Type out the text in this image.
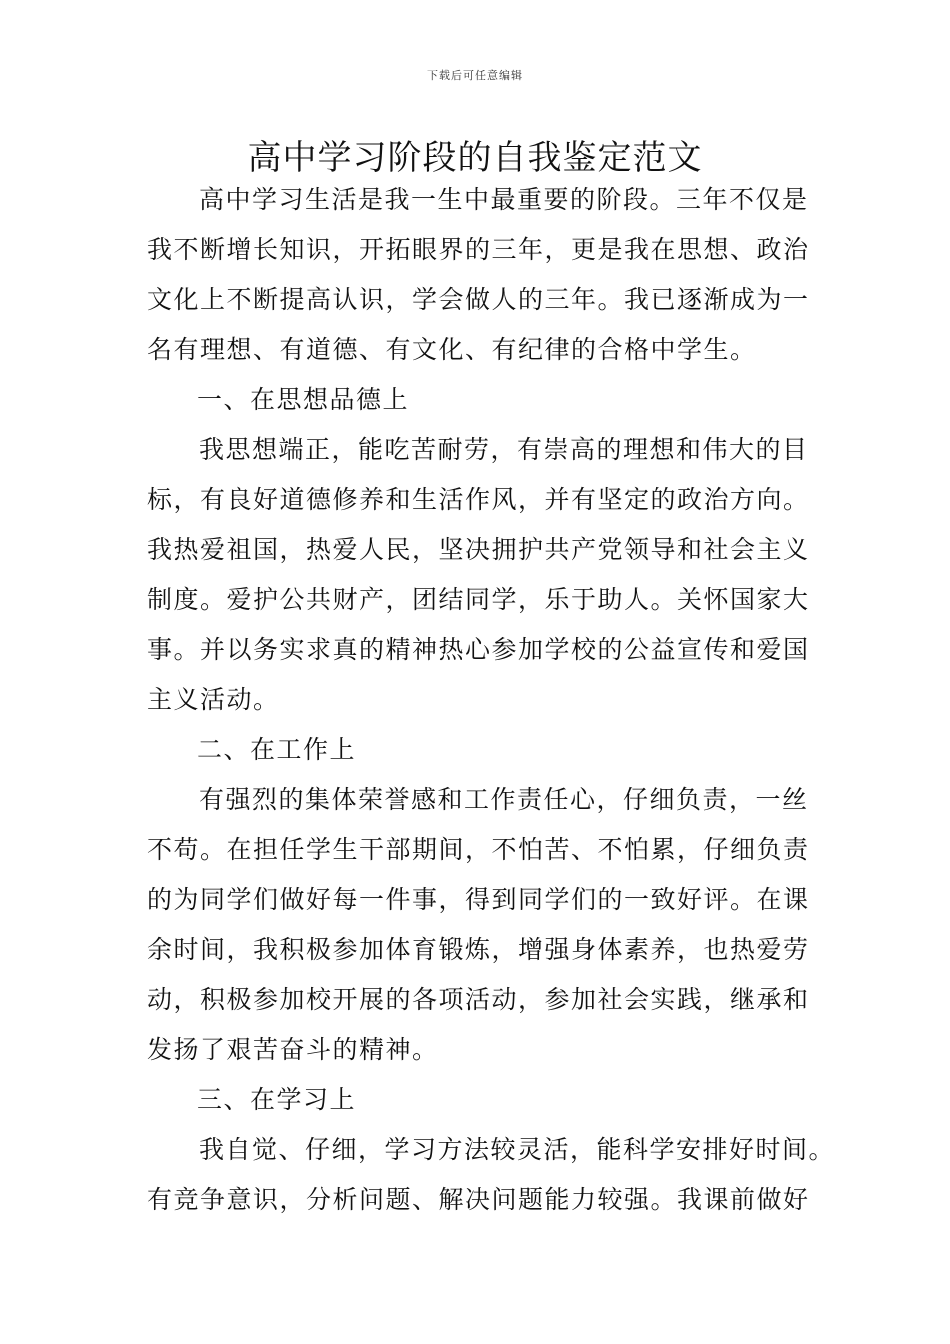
下载后可任意编辑
高中学习阶段的自我鉴定范文
高中学习生活是我一生中最重要的阶段。三年不仅是
我不断增长知识，开拓眼界的三年，更是我在思想、政治
文化上不断提高认识，学会做人的三年。我已逐渐成为一
名有理想、有道德、有文化、有纪律的合格中学生。
一、在思想品德上
我思想端正，能吃苦耐劳，有崇高的理想和伟大的目
标，有良好道德修养和生活作风，并有坚定的政治方向。
我热爱祖国，热爱人民，坚决拥护共产党领导和社会主义
制度。爱护公共财产，团结同学，乐于助人。关怀国家大
事。并以务实求真的精神热心参加学校的公益宣传和爱国
主义活动。
二、在工作上
有强烈的集体荣誉感和工作责任心，仔细负责，一丝
不苟。在担任学生干部期间，不怕苦、不怕累，仔细负责
的为同学们做好每一件事，得到同学们的一致好评。在课
余时间，我积极参加体育锻炼，增强身体素养，也热爱劳
动，积极参加校开展的各项活动，参加社会实践，继承和
发扬了艰苦奋斗的精神。
三、在学习上
我自觉、仔细，学习方法较灵活，能科学安排好时间。
有竞争意识，分析问题、解决问题能力较强。我课前做好
